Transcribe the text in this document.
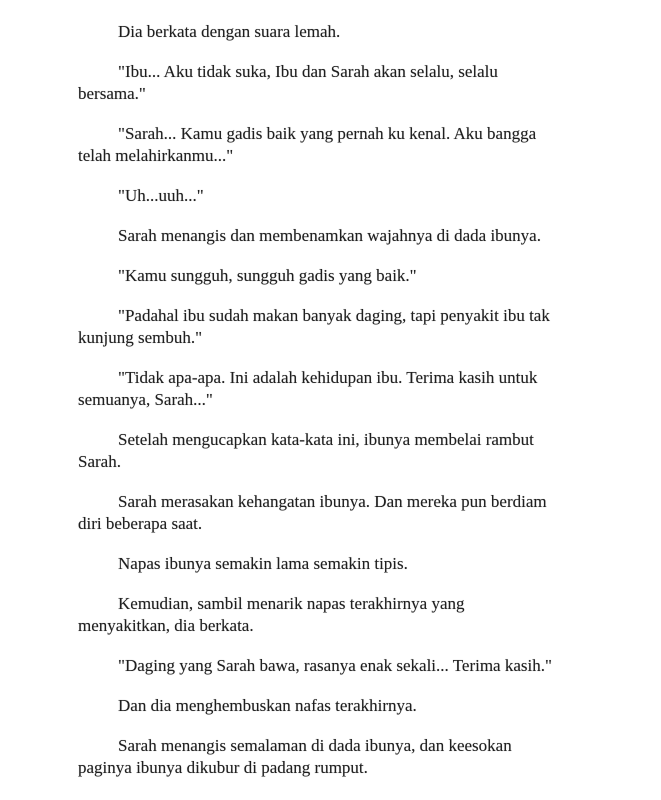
Dia berkata dengan suara lemah.

"Ibu... Aku tidak suka, Ibu dan Sarah akan selalu, selalu
bersama."

"Sarah... Kamu gadis baik yang pernah ku kenal. Aku bangga
telah melahirkanmu..."

"Uh...uuh..."

Sarah menangis dan membenamkan wajahnya di dada ibunya.

"Kamu sungguh, sungguh gadis yang baik."

"Padahal ibu sudah makan banyak daging, tapi penyakit ibu tak
kunjung sembuh."

"Tidak apa-apa. Ini adalah kehidupan ibu. Terima kasih untuk
semuanya, Sarah..."

Setelah mengucapkan kata-kata ini, ibunya membelai rambut
Sarah.

Sarah merasakan kehangatan ibunya. Dan mereka pun berdiam
diri beberapa saat.

Napas ibunya semakin lama semakin tipis.

Kemudian, sambil menarik napas terakhirnya yang
menyakitkan, dia berkata.

"Daging yang Sarah bawa, rasanya enak sekali... Terima kasih."

Dan dia menghembuskan nafas terakhirnya.

Sarah menangis semalaman di dada ibunya, dan keesokan
paginya ibunya dikubur di padang rumput.
